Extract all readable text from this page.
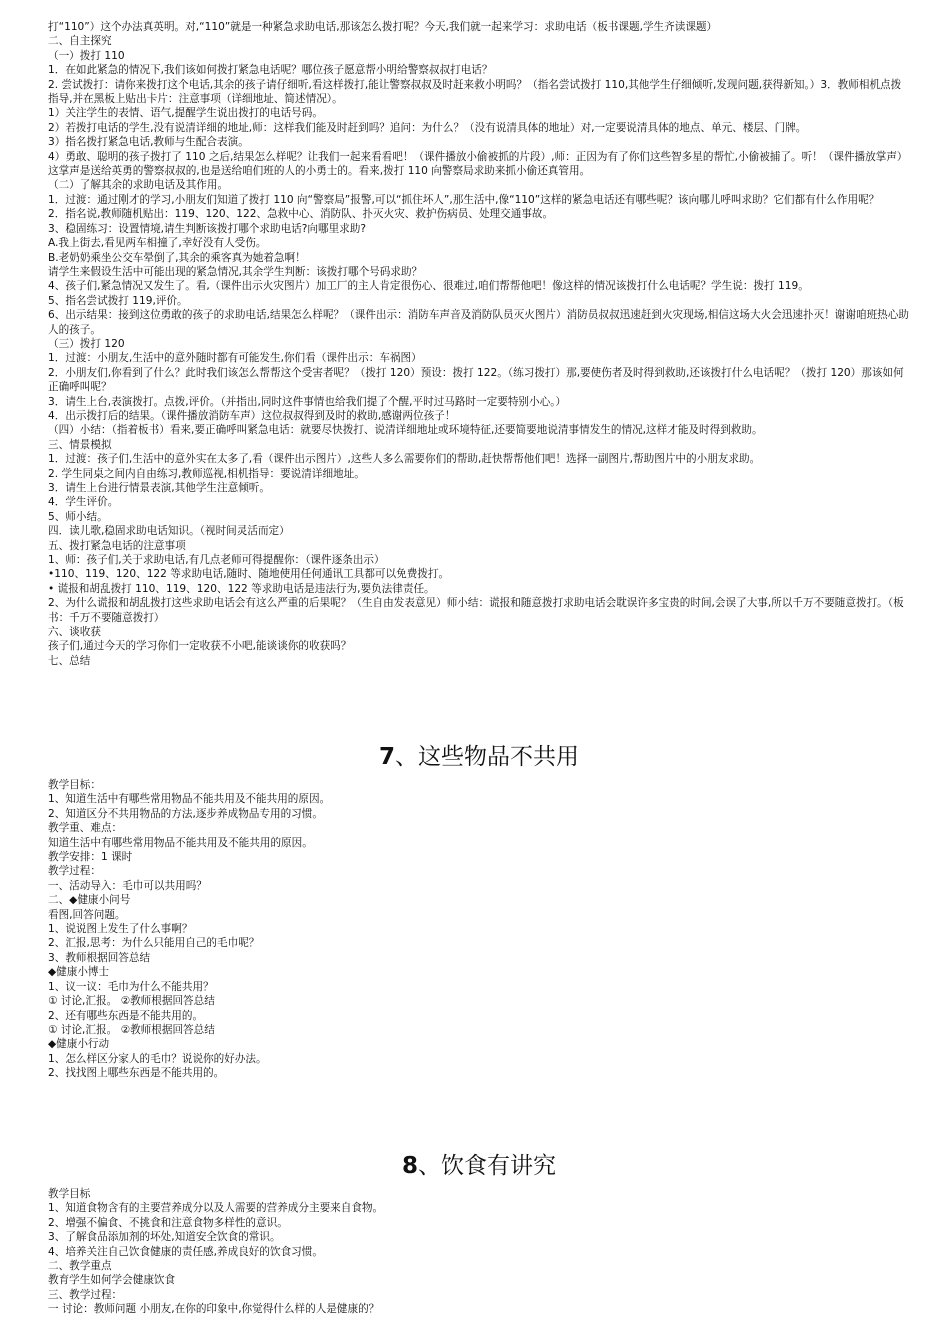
打“110”）这个办法真英明。对,“110”就是一种紧急求助电话,那该怎么拨打呢？今天,我们就一起来学习：求助电话（板书课题,学生齐读课题）

二、自主探究

（一）拨打 110

1．在如此紧急的情况下,我们该如何拨打紧急电话呢？哪位孩子愿意帮小明给警察叔叔打电话？

2. 尝试拨打：请你来拨打这个电话,其余的孩子请仔细听,看这样拨打,能让警察叔叔及时赶来救小明吗？（指名尝试拨打 110,其他学生仔细倾听,发现问题,获得新知。）3．教师相机点拨指导,并在黑板上贴出卡片：注意事项（详细地址、简述情况）。

1）关注学生的表情、语气,提醒学生说出拨打的电话号码。

2）若拨打电话的学生,没有说清详细的地址,师：这样我们能及时赶到吗？追问：为什么？（没有说清具体的地址）对,一定要说清具体的地点、单元、楼层、门牌。

3）指名拨打紧急电话,教师与生配合表演。

4）勇敢、聪明的孩子拨打了 110 之后,结果怎么样呢？让我们一起来看看吧！（课件播放小偷被抓的片段）,师：正因为有了你们这些智多星的帮忙,小偷被捕了。听！（课件播放掌声）这掌声是送给英勇的警察叔叔的,也是送给咱们班的人的小勇士的。看来,拨打 110 向警察局求助来抓小偷还真管用。

（二）了解其余的求助电话及其作用。

1．过渡：通过刚才的学习,小朋友们知道了拨打 110 向“警察局”报警,可以“抓住坏人”,那生活中,像“110”这样的紧急电话还有哪些呢？该向哪儿呼叫求助？它们都有什么作用呢？

2．指名说,教师随机贴出：119、120、122、急救中心、消防队、扑灭火灾、救护伤病员、处理交通事故。

3、稳固练习：设置情境,请生判断该拨打哪个求助电话?向哪里求助?

A.我上街去,看见两车相撞了,幸好没有人受伤。

B.老奶奶乘坐公交车晕倒了,其余的乘客真为她着急啊！

请学生来假设生活中可能出现的紧急情况,其余学生判断：该拨打哪个号码求助？

4、孩子们,紧急情况又发生了。看,（课件出示火灾图片）加工厂的主人肯定很伤心、很难过,咱们帮帮他吧！像这样的情况该拨打什么电话呢？学生说：拨打 119。

5、指名尝试拨打 119,评价。

6、出示结果：接到这位勇敢的孩子的求助电话,结果怎么样呢？（课件出示：消防车声音及消防队员灭火图片）消防员叔叔迅速赶到火灾现场,相信这场大火会迅速扑灭！谢谢咱班热心助人的孩子。

（三）拨打 120

1．过渡：小朋友,生活中的意外随时都有可能发生,你们看（课件出示：车祸图）

2．小朋友们,你看到了什么？此时我们该怎么帮帮这个受害者呢？（拨打 120）预设：拨打 122。（练习拨打）那,要使伤者及时得到救助,还该拨打什么电话呢？（拨打 120）那该如何正确呼叫呢？

3．请生上台,表演拨打。点拨,评价。（并指出,同时这件事情也给我们提了个醒,平时过马路时一定要特别小心。）

4．出示拨打后的结果。（课件播放消防车声）这位叔叔得到及时的救助,感谢两位孩子！

（四）小结：（指着板书）看来,要正确呼叫紧急电话：就要尽快拨打、说清详细地址或环境特征,还要简要地说清事情发生的情况,这样才能及时得到救助。

三、情景模拟

1．过渡：孩子们,生活中的意外实在太多了,看（课件出示图片）,这些人多么需要你们的帮助,赶快帮帮他们吧！选择一副图片,帮助图片中的小朋友求助。

2. 学生同桌之间内自由练习,教师巡视,相机指导：要说清详细地址。

3．请生上台进行情景表演,其他学生注意倾听。

4．学生评价。

5、师小结。

四．读儿歌,稳固求助电话知识。（视时间灵活而定）

五、拨打紧急电话的注意事项

1、师：孩子们,关于求助电话,有几点老师可得提醒你：（课件逐条出示）

•110、119、120、122 等求助电话,随时、随地使用任何通讯工具都可以免费拨打。

• 谎报和胡乱拨打 110、119、120、122 等求助电话是违法行为,要负法律责任。

2、为什么谎报和胡乱拨打这些求助电话会有这么严重的后果呢？（生自由发表意见）师小结：谎报和随意拨打求助电话会耽误许多宝贵的时间,会误了大事,所以千万不要随意拨打。（板书：千万不要随意拨打）

六、谈收获

孩子们,通过今天的学习你们一定收获不小吧,能谈谈你的收获吗？

七、总结

7、这些物品不共用

教学目标：

1、知道生活中有哪些常用物品不能共用及不能共用的原因。

2、知道区分不共用物品的方法,逐步养成物品专用的习惯。

教学重、难点：

知道生活中有哪些常用物品不能共用及不能共用的原因。

教学安排：1 课时

教学过程：

一、活动导入：毛巾可以共用吗？

二、◆健康小问号

看图,回答问题。

1、说说图上发生了什么事啊？

2、汇报,思考：为什么只能用自己的毛巾呢？

3、教师根据回答总结

◆健康小博士

1、议一议：毛巾为什么不能共用？

① 讨论,汇报。 ②教师根据回答总结

2、还有哪些东西是不能共用的。

① 讨论,汇报。 ②教师根据回答总结

◆健康小行动

1、怎么样区分家人的毛巾？说说你的好办法。

2、找找图上哪些东西是不能共用的。

8、饮食有讲究

教学目标

1、知道食物含有的主要营养成分以及人需要的营养成分主要来自食物。

2、增强不偏食、不挑食和注意食物多样性的意识。

3、了解食品添加剂的坏处,知道安全饮食的常识。

4、培养关注自己饮食健康的责任感,养成良好的饮食习惯。

二、教学重点

教育学生如何学会健康饮食

三、教学过程：

一 讨论：教师问题 小朋友,在你的印象中,你觉得什么样的人是健康的？
